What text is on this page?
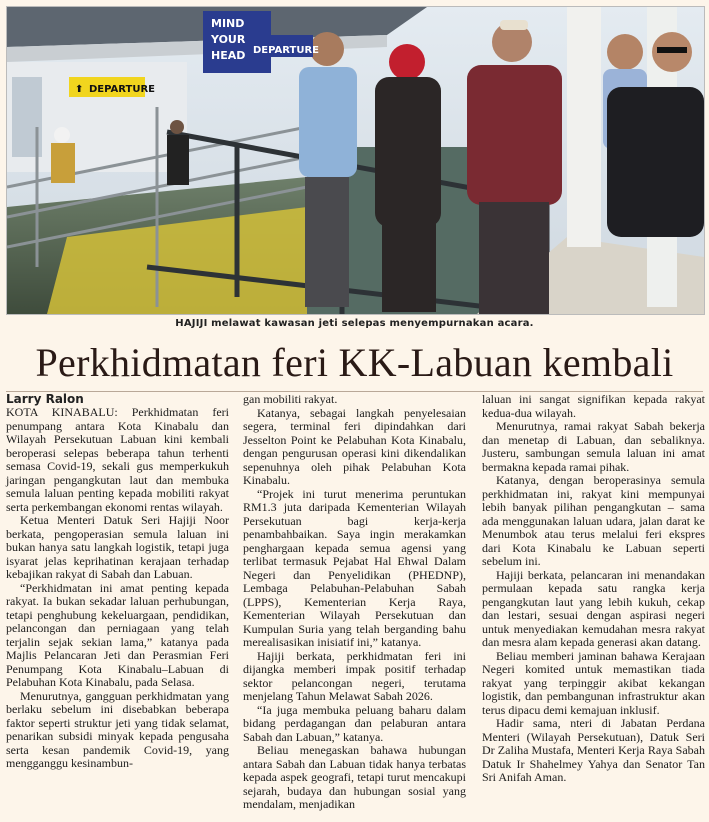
MIND
YOUR
HEAD DEPARTURE
⬆ DEPARTURE
HAJIJI melawat kawasan jeti selepas menyempurnakan acara.
Perkhidmatan feri KK-Labuan kembali
Larry Ralon

KOTA KINABALU: Perkhidmatan feri penumpang antara Kota Kinabalu dan Wilayah Persekutuan Labuan kini kembali beroperasi selepas beberapa tahun terhenti semasa Covid-19, sekali gus memperkukuh jaringan pengangkutan laut dan membuka semula laluan penting kepada mobiliti rakyat serta perkembangan ekonomi rentas wilayah.

Ketua Menteri Datuk Seri Hajiji Noor berkata, pengoperasian semula laluan ini bukan hanya satu langkah logistik, tetapi juga isyarat jelas keprihatinan kerajaan terhadap kebajikan rakyat di Sabah dan Labuan.

“Perkhidmatan ini amat penting kepada rakyat. Ia bukan sekadar laluan perhubungan, tetapi penghubung kekeluargaan, pendidikan, pelancongan dan perniagaan yang telah terjalin sejak sekian lama,” katanya pada Majlis Pelancaran Jeti dan Perasmian Feri Penumpang Kota Kinabalu–Labuan di Pelabuhan Kota Kinabalu, pada Selasa.

Menurutnya, gangguan perkhidmatan yang berlaku sebelum ini disebabkan beberapa faktor seperti struktur jeti yang tidak selamat, penarikan subsidi minyak kepada pengusaha serta kesan pandemik Covid-19, yang mengganggu kesinambun-

gan mobiliti rakyat.

Katanya, sebagai langkah penyelesaian segera, terminal feri dipindahkan dari Jesselton Point ke Pelabuhan Kota Kinabalu, dengan pengurusan operasi kini dikendalikan sepenuhnya oleh pihak Pelabuhan Kota Kinabalu.

“Projek ini turut menerima peruntukan RM1.3 juta daripada Kementerian Wilayah Persekutuan bagi kerja-kerja penambahbaikan. Saya ingin merakamkan penghargaan kepada semua agensi yang terlibat termasuk Pejabat Hal Ehwal Dalam Negeri dan Penyelidikan (PHEDNP), Lembaga Pelabuhan-Pelabuhan Sabah (LPPS), Kementerian Kerja Raya, Kementerian Wilayah Persekutuan dan Kumpulan Suria yang telah berganding bahu merealisasikan inisiatif ini,” katanya.

Hajiji berkata, perkhidmatan feri ini dijangka memberi impak positif terhadap sektor pelancongan negeri, terutama menjelang Tahun Melawat Sabah 2026.

“Ia juga membuka peluang baharu dalam bidang perdagangan dan pelaburan antara Sabah dan Labuan,” katanya.

Beliau menegaskan bahawa hubungan antara Sabah dan Labuan tidak hanya terbatas kepada aspek geografi, tetapi turut mencakupi sejarah, budaya dan hubungan sosial yang mendalam, menjadikan

laluan ini sangat signifikan kepada rakyat kedua-dua wilayah.

Menurutnya, ramai rakyat Sabah bekerja dan menetap di Labuan, dan sebaliknya. Justeru, sambungan semula laluan ini amat bermakna kepada ramai pihak.

Katanya, dengan beroperasinya semula perkhidmatan ini, rakyat kini mempunyai lebih banyak pilihan pengangkutan – sama ada menggunakan laluan udara, jalan darat ke Menumbok atau terus melalui feri ekspres dari Kota Kinabalu ke Labuan seperti sebelum ini.

Hajiji berkata, pelancaran ini menandakan permulaan kepada satu rangka kerja pengangkutan laut yang lebih kukuh, cekap dan lestari, sesuai dengan aspirasi negeri untuk menyediakan kemudahan mesra rakyat dan mesra alam kepada generasi akan datang.

Beliau memberi jaminan bahawa Kerajaan Negeri komited untuk memastikan tiada rakyat yang terpinggir akibat kekangan logistik, dan pembangunan infrastruktur akan terus dipacu demi kemajuan inklusif.

Hadir sama, nteri di Jabatan Perdana Menteri (Wilayah Persekutuan), Datuk Seri Dr Zaliha Mustafa, Menteri Kerja Raya Sabah Datuk Ir Shahelmey Yahya dan Senator Tan Sri Anifah Aman.
